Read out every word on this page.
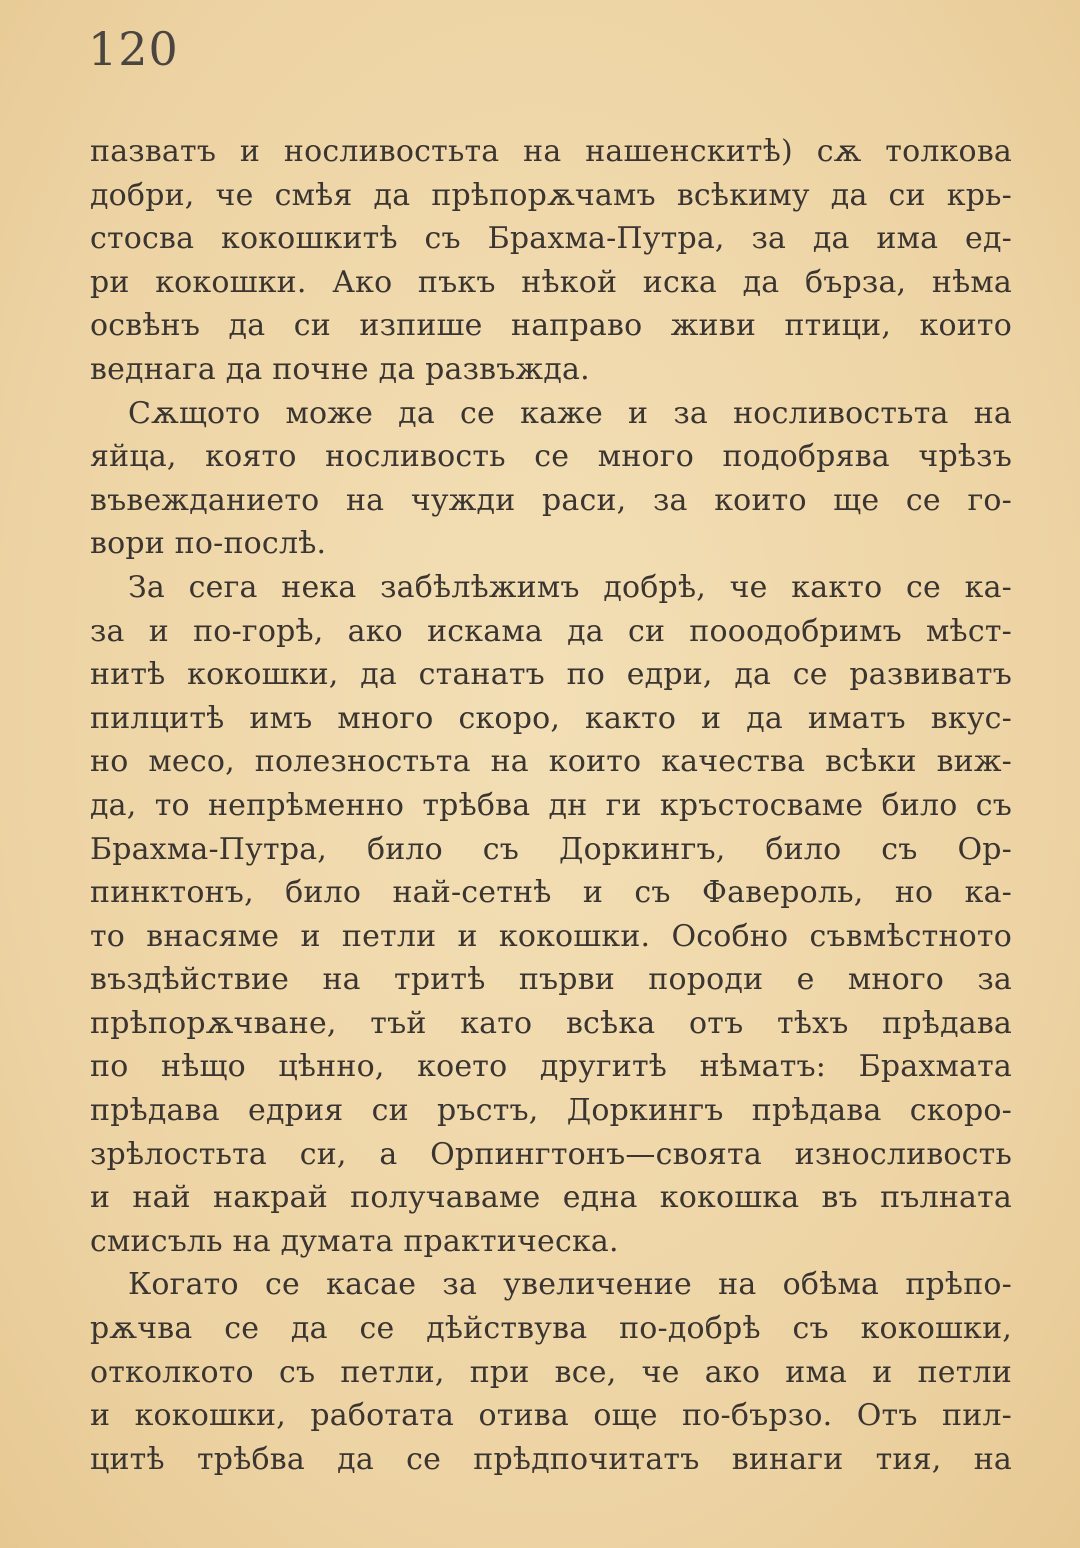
120
пазватъ и носливостьта на нашенскитѣ) сѫ толкова
добри, че смѣя да прѣпорѫчамъ всѣкиму да си крь-
стосва кокошкитѣ съ Брахма-Путра, за да има ед-
ри кокошки. Ако пъкъ нѣкой иска да бърза, нѣма
освѣнъ да си изпише направо живи птици, които
веднага да почне да развъжда.
Сѫщото може да се каже и за носливостьта на
яйца, която носливость се много подобрява чрѣзъ
въвежданието на чужди раси, за които ще се го-
вори по-послѣ.
За сега нека забѣлѣжимъ добрѣ, че както се ка-
за и по-горѣ, ако искама да си пооодобримъ мѣст-
нитѣ кокошки, да станатъ по едри, да се развиватъ
пилцитѣ имъ много скоро, както и да иматъ вкус-
но месо, полезностьта на които качества всѣки виж-
да, то непрѣменно трѣбва дн ги кръстосваме било съ
Брахма-Путра, било съ Доркингъ, било съ Ор-
пинктонъ, било най-сетнѣ и съ Фавероль, но ка-
то внасяме и петли и кокошки. Особно съвмѣстното
въздѣйствие на тритѣ първи породи е много за
прѣпорѫчване, тъй като всѣка отъ тѣхъ прѣдава
по нѣщо цѣнно, което другитѣ нѣматъ: Брахмата
прѣдава едрия си ръстъ, Доркингъ прѣдава скоро-
зрѣлостьта си, а Орпингтонъ—своята износливость
и най накрай получаваме една кокошка въ пълната
смисъль на думата практическа.
Когато се касае за увеличение на обѣма прѣпо-
рѫчва се да се дѣйствува по-добрѣ съ кокошки,
отколкото съ петли, при все, че ако има и петли
и кокошки, работата отива още по-бързо. Отъ пил-
цитѣ трѣбва да се прѣдпочитатъ винаги тия, на
